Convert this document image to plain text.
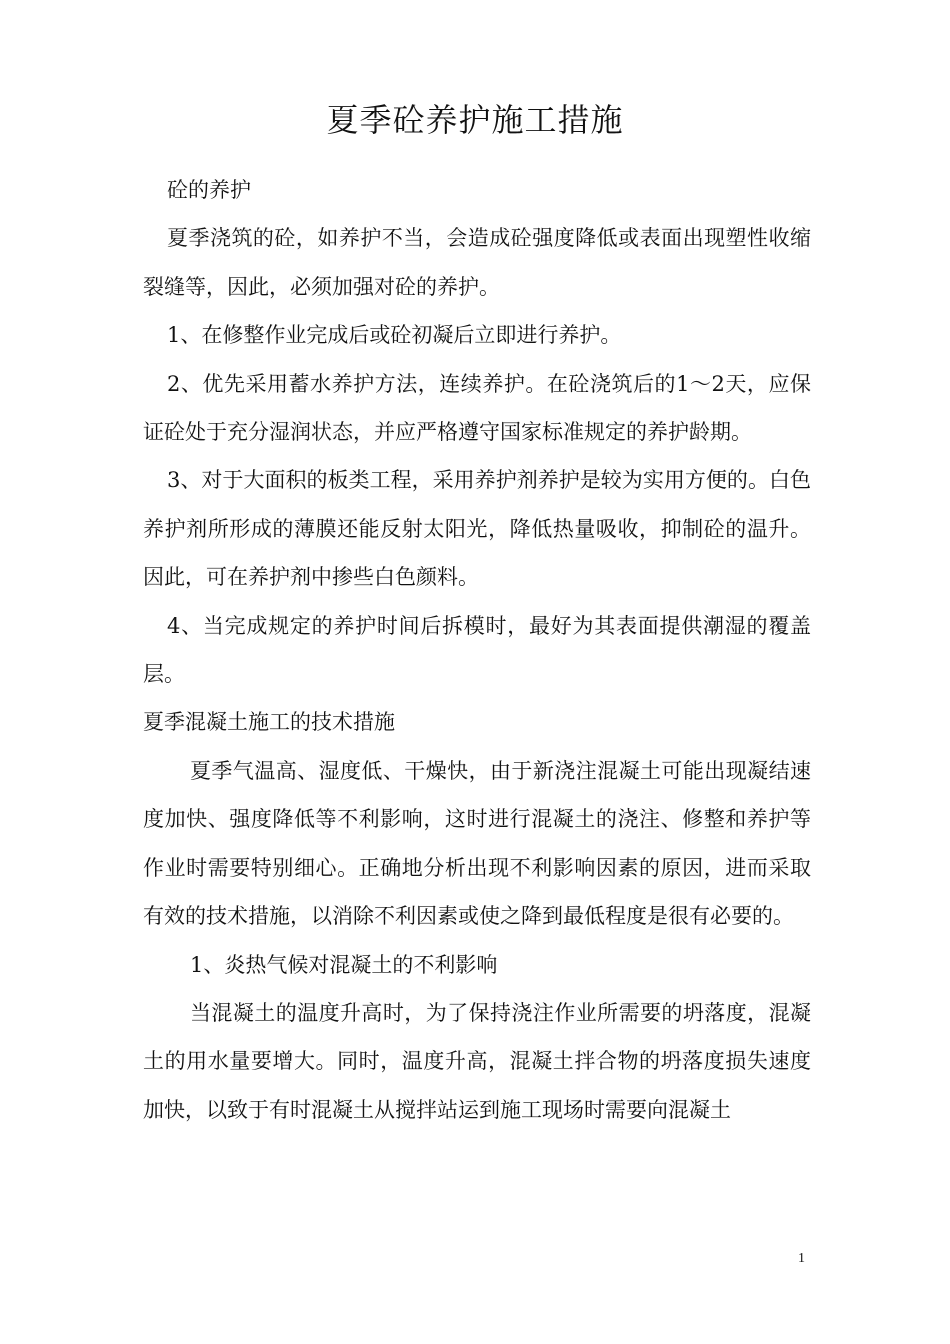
夏季砼养护施工措施

砼的养护

夏季浇筑的砼，如养护不当，会造成砼强度降低或表面出现塑性收缩裂缝等，因此，必须加强对砼的养护。

1、在修整作业完成后或砼初凝后立即进行养护。

2、优先采用蓄水养护方法，连续养护。在砼浇筑后的1～2天，应保证砼处于充分湿润状态，并应严格遵守国家标准规定的养护龄期。

3、对于大面积的板类工程，采用养护剂养护是较为实用方便的。白色养护剂所形成的薄膜还能反射太阳光，降低热量吸收，抑制砼的温升。因此，可在养护剂中掺些白色颜料。

4、当完成规定的养护时间后拆模时，最好为其表面提供潮湿的覆盖层。

夏季混凝土施工的技术措施

夏季气温高、湿度低、干燥快，由于新浇注混凝土可能出现凝结速度加快、强度降低等不利影响，这时进行混凝土的浇注、修整和养护等作业时需要特别细心。正确地分析出现不利影响因素的原因，进而采取有效的技术措施，以消除不利因素或使之降到最低程度是很有必要的。

1、炎热气候对混凝土的不利影响

当混凝土的温度升高时，为了保持浇注作业所需要的坍落度，混凝土的用水量要增大。同时，温度升高，混凝土拌合物的坍落度损失速度加快，以致于有时混凝土从搅拌站运到施工现场时需要向混凝土

1
